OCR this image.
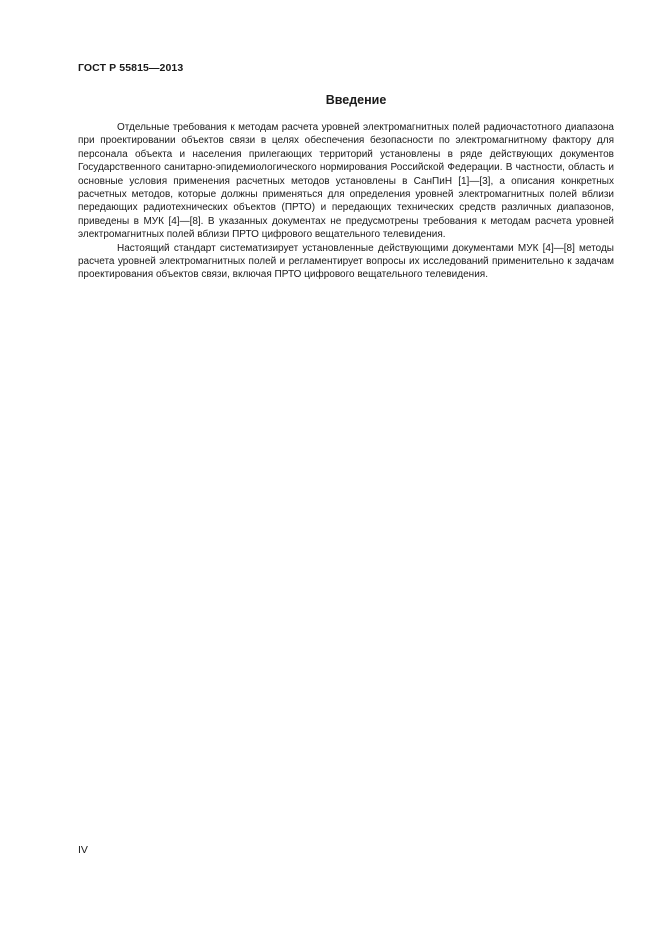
ГОСТ Р 55815—2013
Введение

Отдельные требования к методам расчета уровней электромагнитных полей радиочастотного диапазона при проектировании объектов связи в целях обеспечения безопасности по электромагнитному фактору для персонала объекта и населения прилегающих территорий установлены в ряде действующих документов Государственного санитарно-эпидемиологического нормирования Российской Федерации. В частности, область и основные условия применения расчетных методов установлены в СанПиН [1]—[3], а описания конкретных расчетных методов, которые должны применяться для определения уровней электромагнитных полей вблизи передающих радиотехнических объектов (ПРТО) и передающих технических средств различных диапазонов, приведены в МУК [4]—[8]. В указанных документах не предусмотрены требования к методам расчета уровней электромагнитных полей вблизи ПРТО цифрового вещательного телевидения.

Настоящий стандарт систематизирует установленные действующими документами МУК [4]—[8] методы расчета уровней электромагнитных полей и регламентирует вопросы их исследований применительно к задачам проектирования объектов связи, включая ПРТО цифрового вещательного телевидения.

IV
